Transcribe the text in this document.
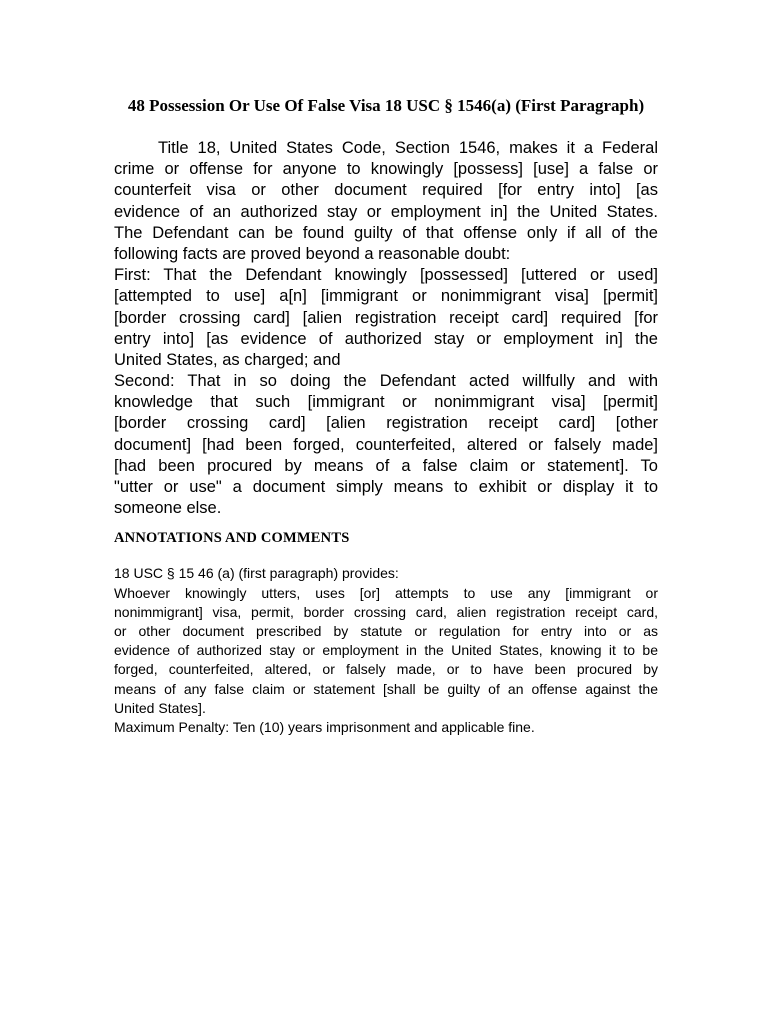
48 Possession Or Use Of False Visa 18 USC § 1546(a) (First Paragraph)
Title 18, United States Code, Section 1546, makes it a Federal
crime or offense for anyone to knowingly [possess] [use] a false or
counterfeit visa or other document required [for entry into] [as
evidence of an authorized stay or employment in] the United States.
The Defendant can be found guilty of that offense only if all of the
following facts are proved beyond a reasonable doubt:
First: That the Defendant knowingly [possessed] [uttered or used]
[attempted to use] a[n] [immigrant or nonimmigrant visa] [permit]
[border crossing card] [alien registration receipt card] required [for
entry into] [as evidence of authorized stay or employment in] the
United States, as charged; and
Second: That in so doing the Defendant acted willfully and with
knowledge that such [immigrant or nonimmigrant visa] [permit]
[border crossing card] [alien registration receipt card] [other
document] [had been forged, counterfeited, altered or falsely made]
[had been procured by means of a false claim or statement]. To
"utter or use" a document simply means to exhibit or display it to
someone else.
ANNOTATIONS AND COMMENTS
18 USC § 15 46 (a) (first paragraph) provides:
Whoever knowingly utters, uses [or] attempts to use any [immigrant or
nonimmigrant] visa, permit, border crossing card, alien registration receipt card,
or other document prescribed by statute or regulation for entry into or as
evidence of authorized stay or employment in the United States, knowing it to be
forged, counterfeited, altered, or falsely made, or to have been procured by
means of any false claim or statement [shall be guilty of an offense against the
United States].
Maximum Penalty: Ten (10) years imprisonment and applicable fine.
